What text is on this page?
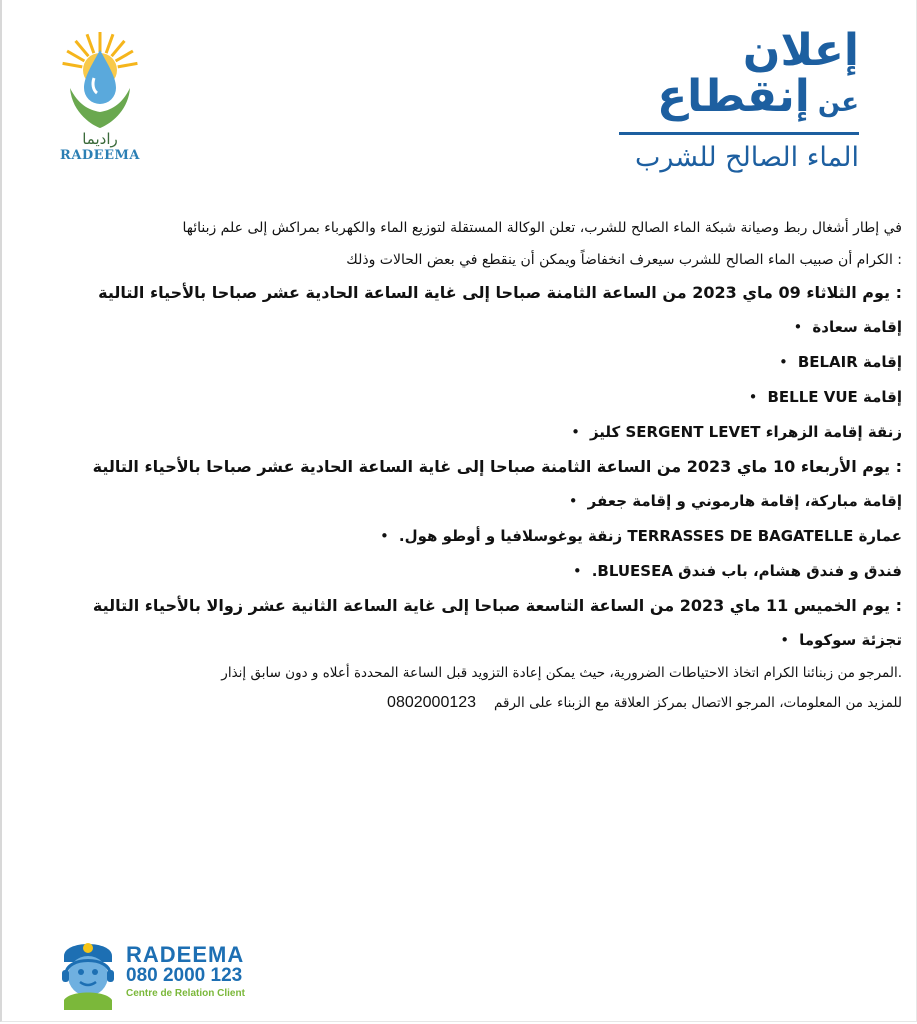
راديما
RADEEMA
إعلان
عن
إنقطاع
الماء الصالح للشرب
في إطار أشغال ربط وصيانة شبكة الماء الصالح للشرب، تعلن الوكالة المستقلة لتوزيع الماء والكهرباء بمراكش إلى علم زبنائها
: الكرام أن صبيب الماء الصالح للشرب سيعرف انخفاضاً ويمكن أن ينقطع في بعض الحالات وذلك
: يوم الثلاثاء 09 ماي 2023 من الساعة الثامنة صباحا إلى غاية الساعة الحادية عشر صباحا بالأحياء التالية
إقامة سعادة•
إقامة BELAIR•
إقامة BELLE VUE•
زنقة إقامة الزهراء SERGENT LEVET كليز•
: يوم الأربعاء 10 ماي 2023 من الساعة الثامنة صباحا إلى غاية الساعة الحادية عشر صباحا بالأحياء التالية
إقامة مباركة، إقامة هارموني و إقامة جعفر•
عمارة TERRASSES DE BAGATELLE زنقة يوغوسلافيا و أوطو هول.•
فندق و فندق هشام، باب فندق BLUESEA.•
: يوم الخميس 11 ماي 2023 من الساعة التاسعة صباحا إلى غاية الساعة الثانية عشر زوالا بالأحياء التالية
تجزئة سوكوما•
.المرجو من زبنائنا الكرام اتخاذ الاحتياطات الضرورية، حيث يمكن إعادة التزويد قبل الساعة المحددة أعلاه و دون سابق إنذار
للمزيد من المعلومات، المرجو الاتصال بمركز العلاقة مع الزبناء على الرقم0802000123
RADEEMA
080 2000 123
Centre de Relation Client
